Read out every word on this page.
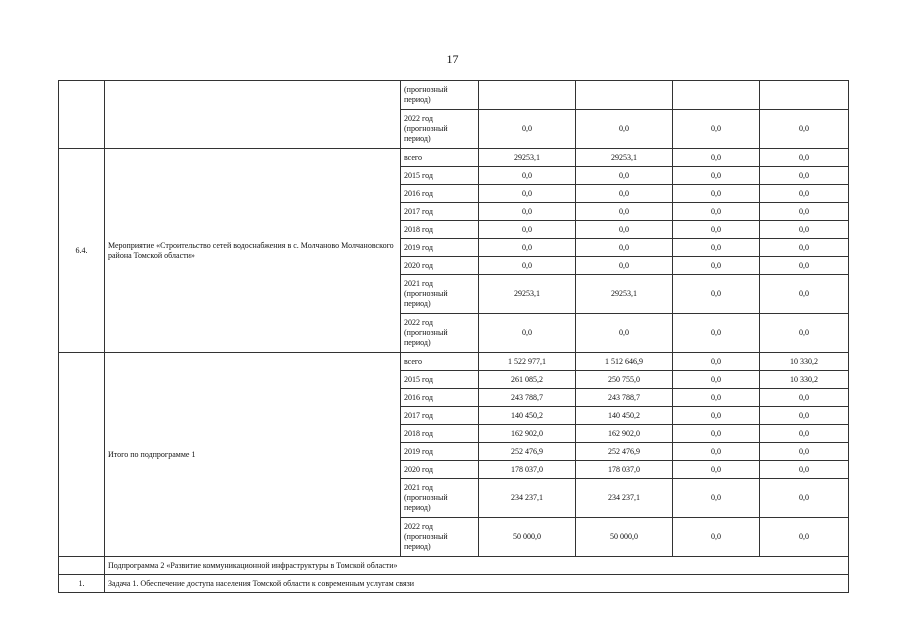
17
		(прогнозный период)				
		2022 год (прогнозный период)	0,0	0,0	0,0	0,0
6.4.	Мероприятие «Строительство сетей водоснабжения в с. Молчаново Молчановского района Томской области»	всего	29253,1	29253,1	0,0	0,0
		2015 год	0,0	0,0	0,0	0,0
		2016 год	0,0	0,0	0,0	0,0
		2017 год	0,0	0,0	0,0	0,0
		2018 год	0,0	0,0	0,0	0,0
		2019 год	0,0	0,0	0,0	0,0
		2020 год	0,0	0,0	0,0	0,0
		2021 год (прогнозный период)	29253,1	29253,1	0,0	0,0
		2022 год (прогнозный период)	0,0	0,0	0,0	0,0
	Итого по подпрограмме 1	всего	1 522 977,1	1 512 646,9	0,0	10 330,2
		2015 год	261 085,2	250 755,0	0,0	10 330,2
		2016 год	243 788,7	243 788,7	0,0	0,0
		2017 год	140 450,2	140 450,2	0,0	0,0
		2018 год	162 902,0	162 902,0	0,0	0,0
		2019 год	252 476,9	252 476,9	0,0	0,0
		2020 год	178 037,0	178 037,0	0,0	0,0
		2021 год (прогнозный период)	234 237,1	234 237,1	0,0	0,0
		2022 год (прогнозный период)	50 000,0	50 000,0	0,0	0,0
	Подпрограмма 2 «Развитие коммуникационной инфраструктуры в Томской области»					
1.	Задача 1. Обеспечение доступа населения Томской области к современным услугам связи					
